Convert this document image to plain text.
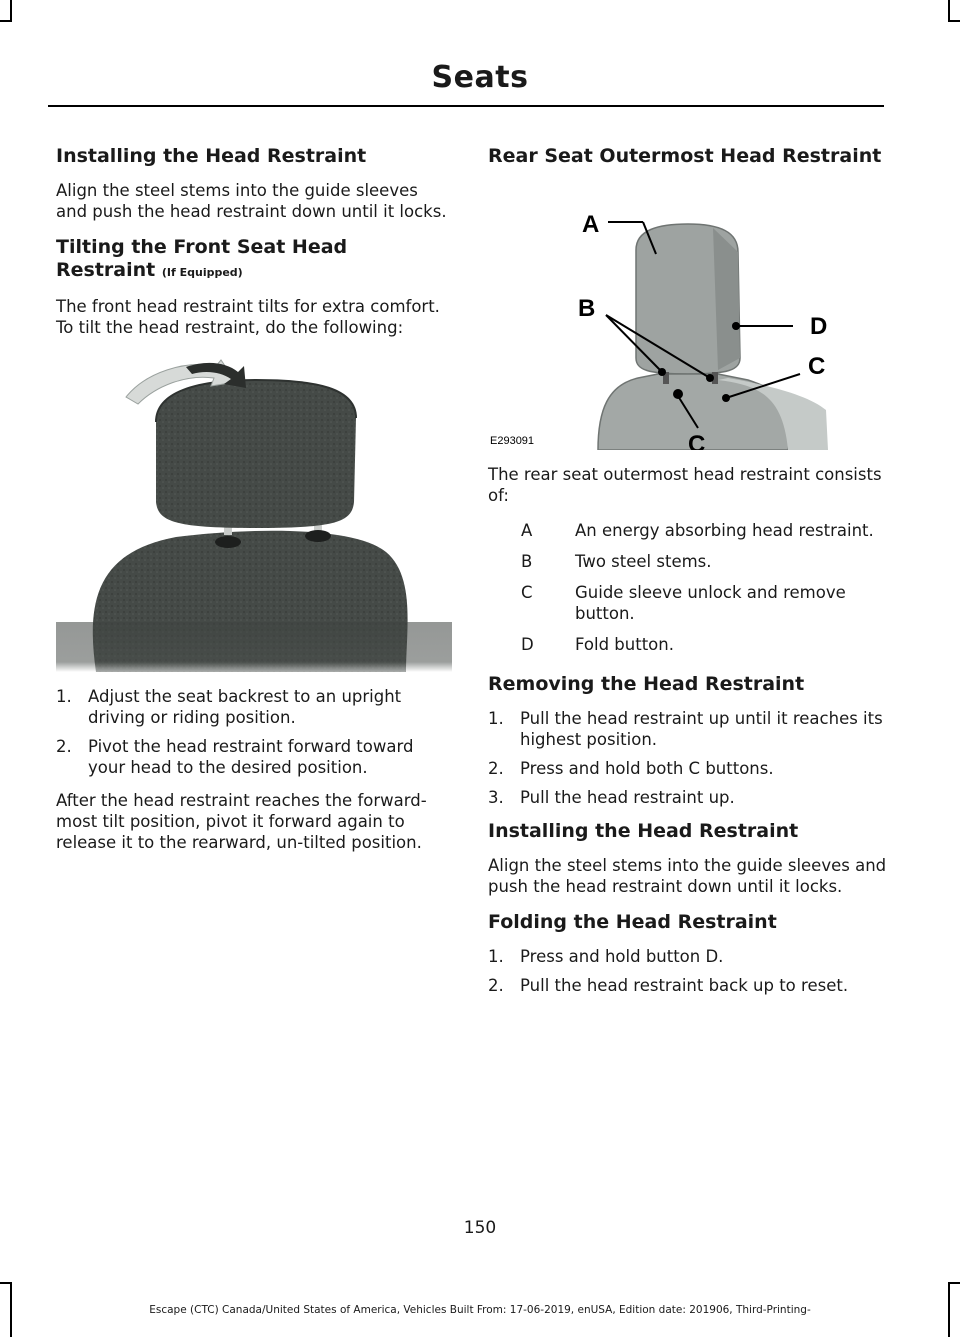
Seats
Installing the Head Restraint

Align the steel stems into the guide sleeves and push the head restraint down until it locks.

Tilting the Front Seat Head Restraint (If Equipped)

The front head restraint tilts for extra comfort. To tilt the head restraint, do the following:

1. Adjust the seat backrest to an upright driving or riding position.
2. Pivot the head restraint forward toward your head to the desired position.

After the head restraint reaches the forward-most tilt position, pivot it forward again to release it to the rearward, un-tilted position.

Rear Seat Outermost Head Restraint
A
B
D
C
C
E293091

The rear seat outermost head restraint consists of:

A	An energy absorbing head restraint.
B	Two steel stems.
C	Guide sleeve unlock and remove button.
D	Fold button.
Removing the Head Restraint
1. Pull the head restraint up until it reaches its highest position.
2. Press and hold both C buttons.
3. Pull the head restraint up.
Installing the Head Restraint

Align the steel stems into the guide sleeves and push the head restraint down until it locks.

Folding the Head Restraint
1. Press and hold button D.
2. Pull the head restraint back up to reset.
150
Escape (CTC) Canada/United States of America, Vehicles Built From: 17-06-2019, enUSA, Edition date: 201906, Third-Printing-
